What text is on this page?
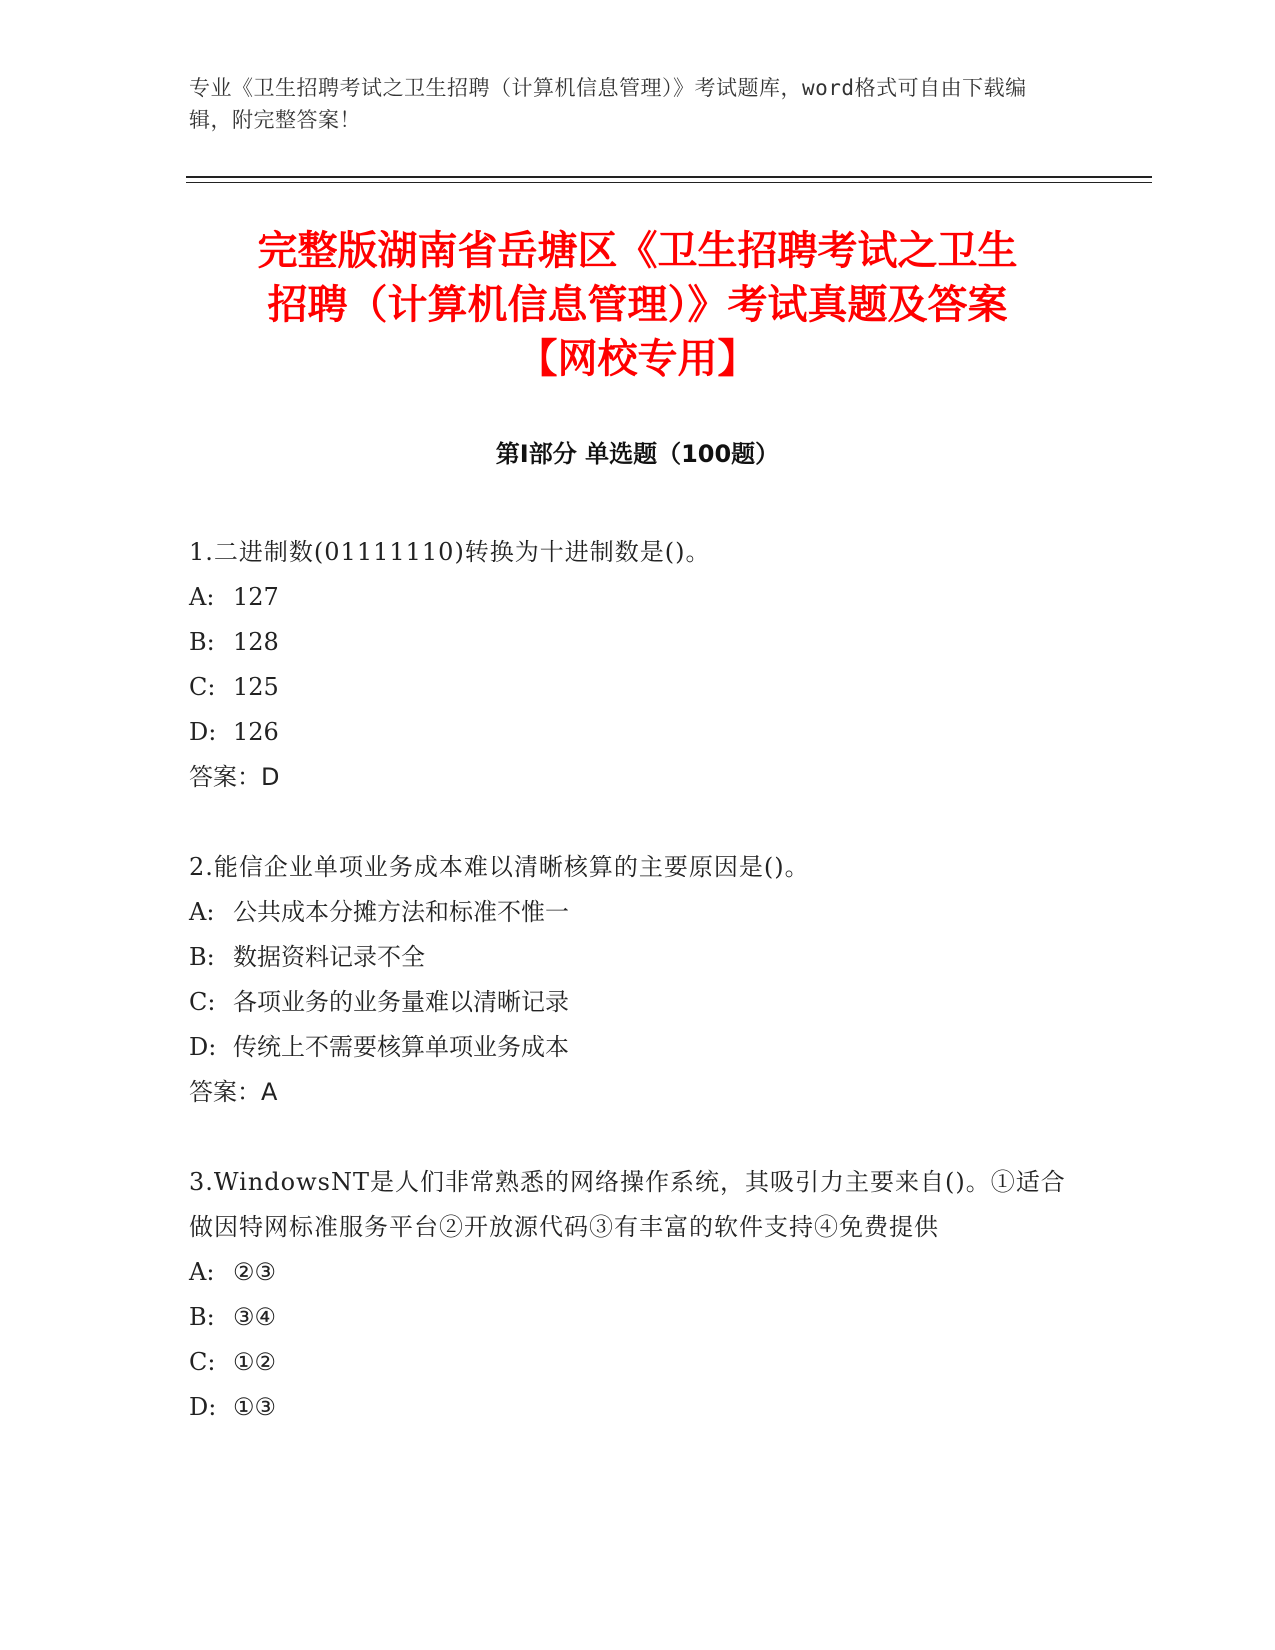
专业《卫生招聘考试之卫生招聘（计算机信息管理）》考试题库，word格式可自由下载编辑，附完整答案！
完整版湖南省岳塘区《卫生招聘考试之卫生
招聘（计算机信息管理）》考试真题及答案
【网校专用】
第Ⅰ部分 单选题（100题）
1 . 二进制数(01111110)转换为十进制数是()。
A : 127
B : 128
C : 125
D : 126
答案：D
2 . 能信企业单项业务成本难以清晰核算的主要原因是()。
A : 公共成本分摊方法和标准不惟一
B : 数据资料记录不全
C : 各项业务的业务量难以清晰记录
D : 传统上不需要核算单项业务成本
答案：A
3 . WindowsNT是人们非常熟悉的网络操作系统，其吸引力主要来自()。①适合做因特网标准服务平台②开放源代码③有丰富的软件支持④免费提供
A : ②③
B : ③④
C : ①②
D : ①③
